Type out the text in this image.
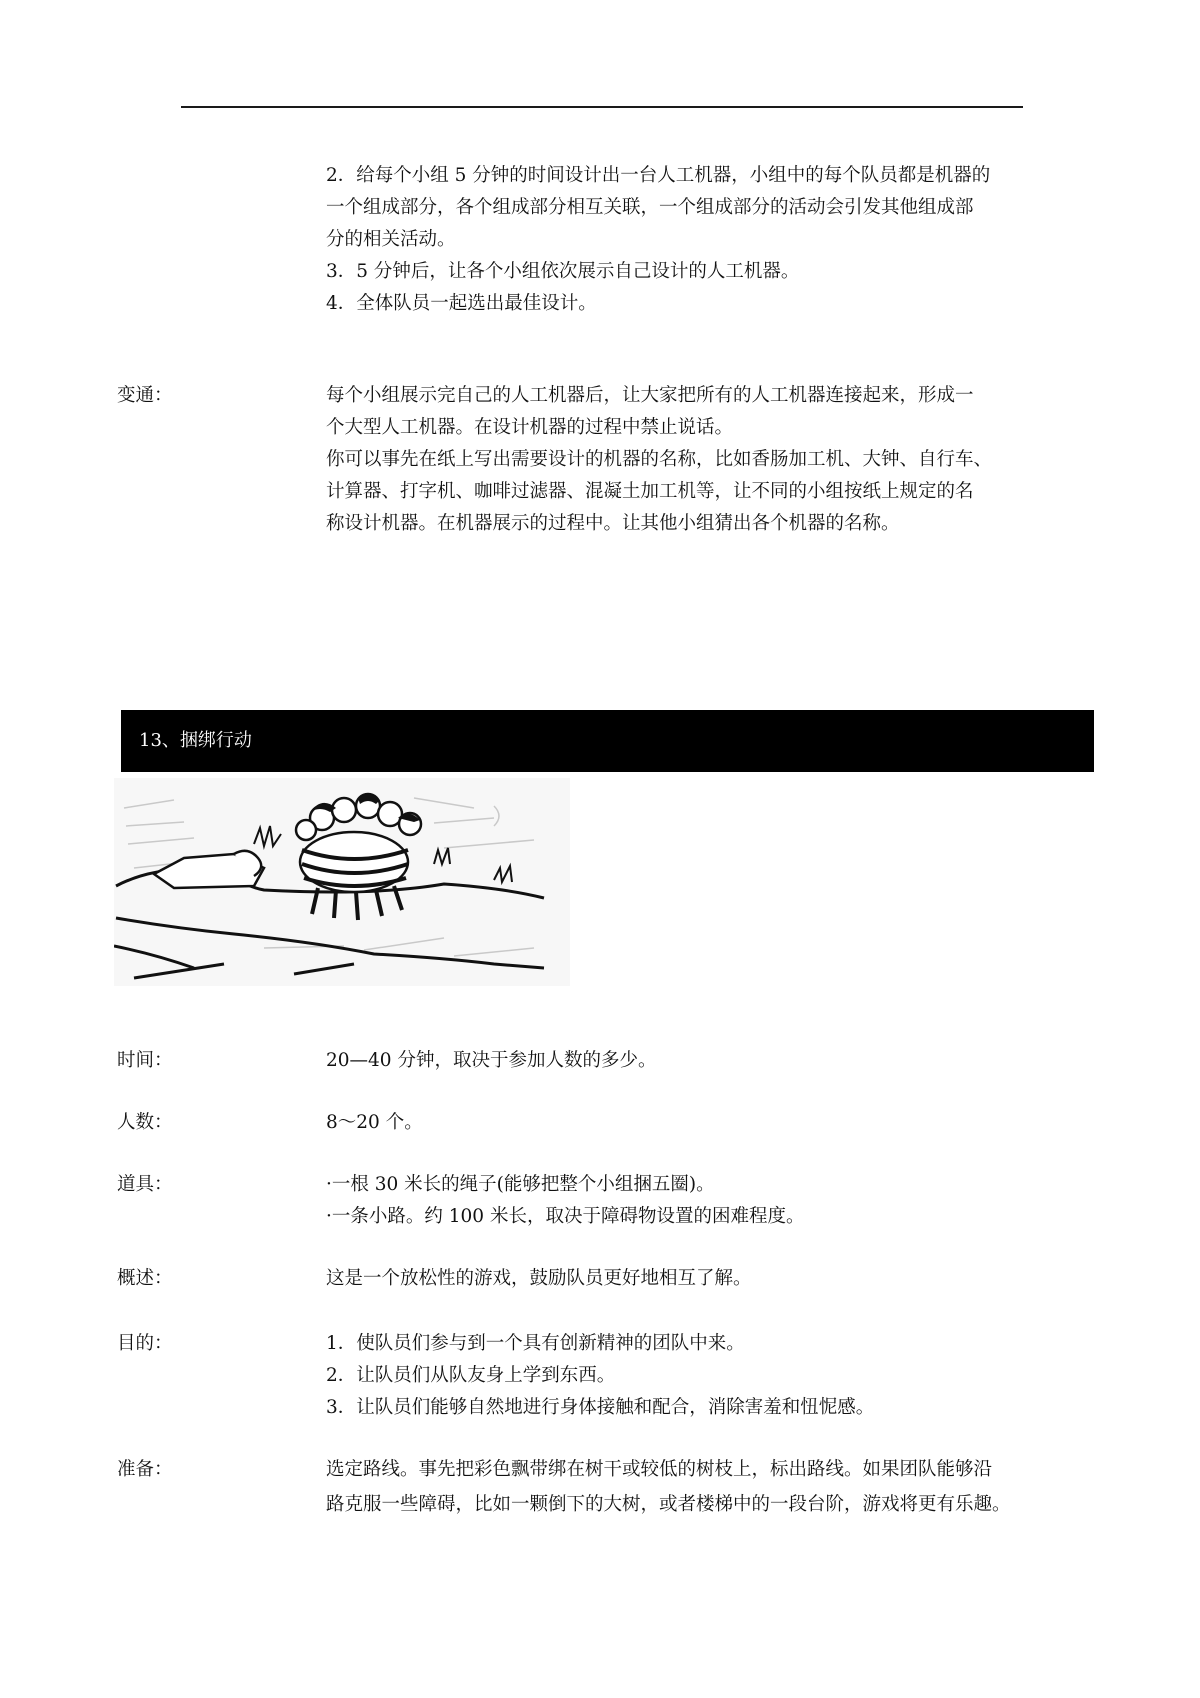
2．给每个小组 5 分钟的时间设计出一台人工机器，小组中的每个队员都是机器的
一个组成部分，各个组成部分相互关联，一个组成部分的活动会引发其他组成部
分的相关活动。
3．5 分钟后，让各个小组依次展示自己设计的人工机器。
4．全体队员一起选出最佳设计。
变通：	每个小组展示完自己的人工机器后，让大家把所有的人工机器连接起来，形成一
个大型人工机器。在设计机器的过程中禁止说话。
你可以事先在纸上写出需要设计的机器的名称，比如香肠加工机、大钟、自行车、
计算器、打字机、咖啡过滤器、混凝土加工机等，让不同的小组按纸上规定的名
称设计机器。在机器展示的过程中。让其他小组猜出各个机器的名称。
13、捆绑行动
时间：	20—40 分钟，取决于参加人数的多少。
人数：	8～20 个。
道具：	·一根 30 米长的绳子(能够把整个小组捆五圈)。
·一条小路。约 100 米长，取决于障碍物设置的困难程度。
概述：	这是一个放松性的游戏，鼓励队员更好地相互了解。
目的：	1．使队员们参与到一个具有创新精神的团队中来。
2．让队员们从队友身上学到东西。
3．让队员们能够自然地进行身体接触和配合，消除害羞和忸怩感。
准备：	选定路线。事先把彩色飘带绑在树干或较低的树枝上，标出路线。如果团队能够沿
路克服一些障碍，比如一颗倒下的大树，或者楼梯中的一段台阶，游戏将更有乐趣。
